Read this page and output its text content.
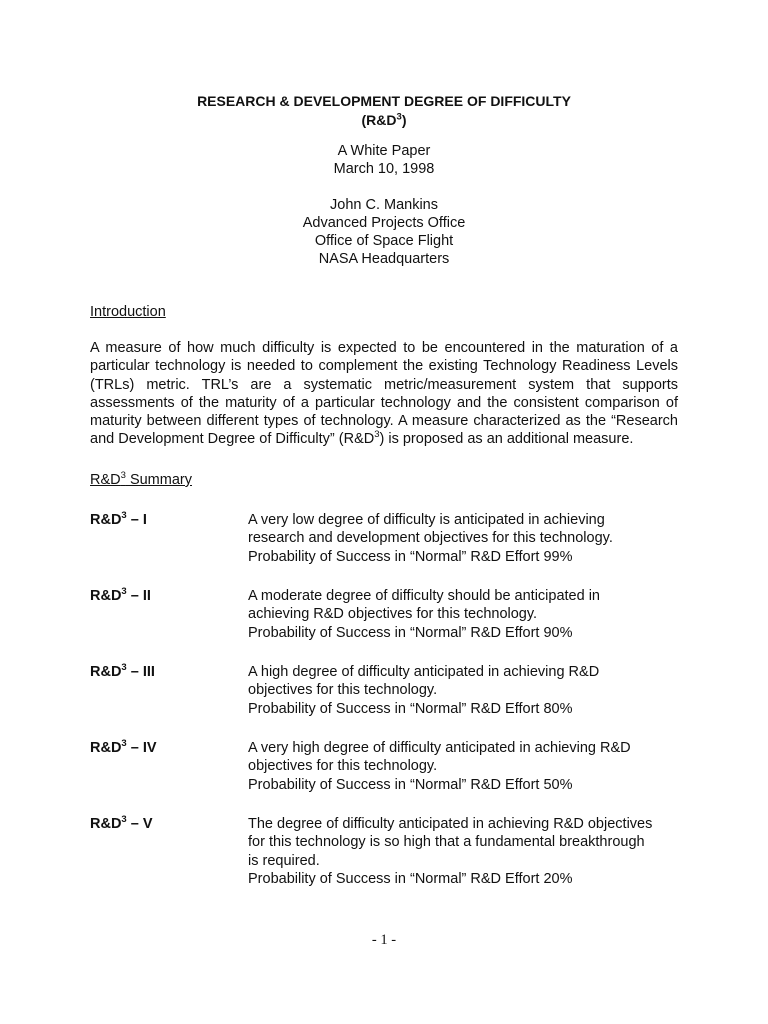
RESEARCH & DEVELOPMENT DEGREE OF DIFFICULTY
$(R\&D^3)$
A White Paper
March 10, 1998
John C. Mankins
Advanced Projects Office
Office of Space Flight
NASA Headquarters
Introduction
A measure of how much difficulty is expected to be encountered in the maturation of a particular technology is needed to complement the existing Technology Readiness Levels (TRLs) metric. TRL’s are a systematic metric/measurement system that supports assessments of the maturity of a particular technology and the consistent comparison of maturity between different types of technology. A measure characterized as the “Research and Development Degree of Difficulty” $(R\&D^3)$ is proposed as an additional measure.
$R\&D^3$ Summary
$R\&D^3$ – I	A very low degree of difficulty is anticipated in achieving
research and development objectives for this technology.
Probability of Success in “Normal” R&D Effort 99%
$R\&D^3$ – II	A moderate degree of difficulty should be anticipated in
achieving R&D objectives for this technology.
Probability of Success in “Normal” R&D Effort 90%
$R\&D^3$ – III	A high degree of difficulty anticipated in achieving R&D
objectives for this technology.
Probability of Success in “Normal” R&D Effort 80%
$R\&D^3$ – IV	A very high degree of difficulty anticipated in achieving R&D
objectives for this technology.
Probability of Success in “Normal” R&D Effort 50%
$R\&D^3$ – V	The degree of difficulty anticipated in achieving R&D objectives
for this technology is so high that a fundamental breakthrough
is required.
Probability of Success in “Normal” R&D Effort 20%
- 1 -
